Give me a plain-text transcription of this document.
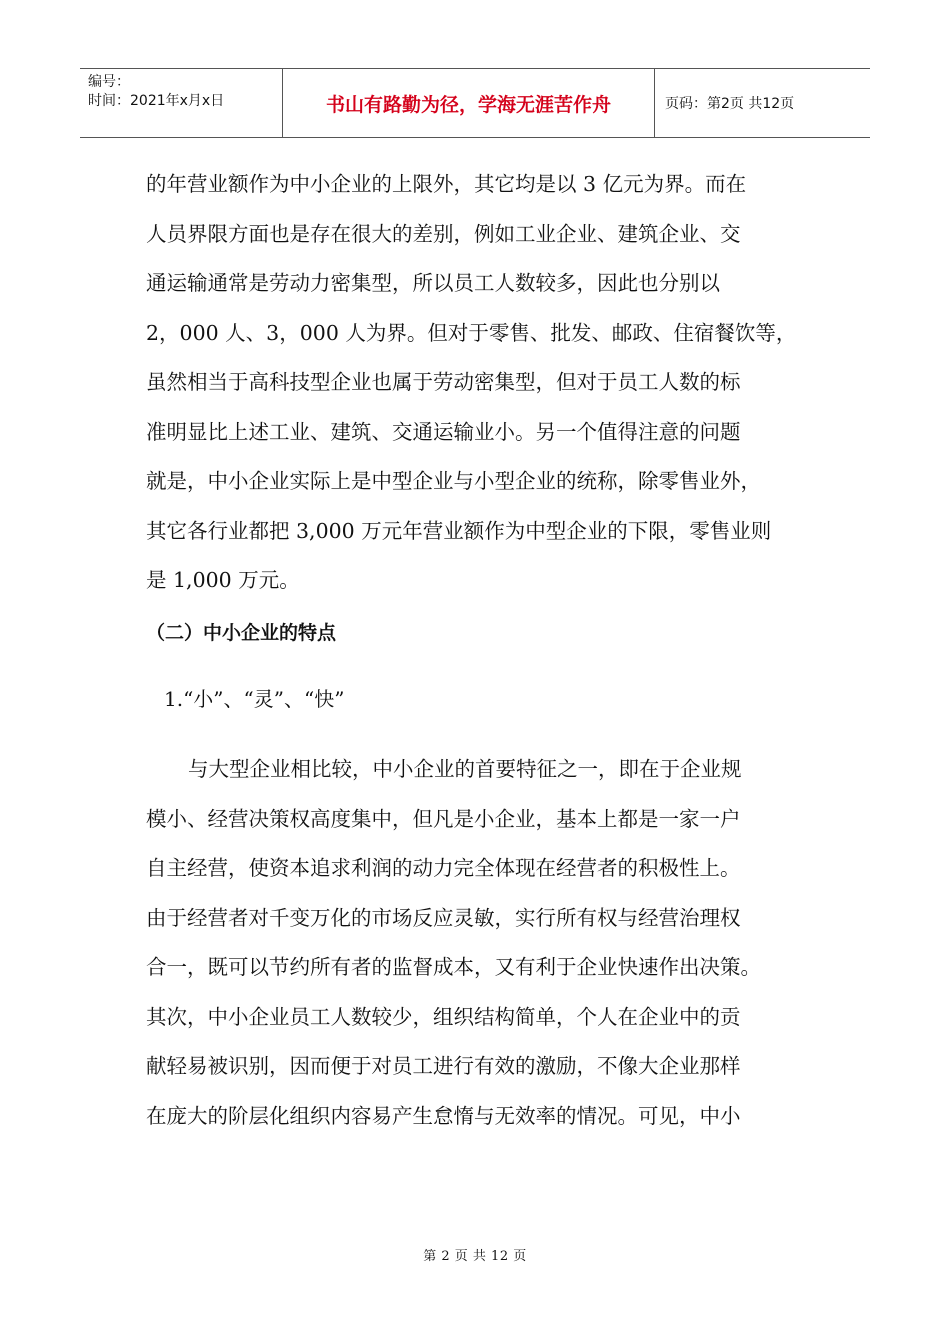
编号：
时间：2021年x月x日	书山有路勤为径，学海无涯苦作舟	页码：第2页 共12页
的年营业额作为中小企业的上限外，其它均是以 3 亿元为界。而在
人员界限方面也是存在很大的差别，例如工业企业、建筑企业、交
通运输通常是劳动力密集型，所以员工人数较多，因此也分别以
2，000 人、3，000 人为界。但对于零售、批发、邮政、住宿餐饮等，
虽然相当于高科技型企业也属于劳动密集型，但对于员工人数的标
准明显比上述工业、建筑、交通运输业小。另一个值得注意的问题
就是，中小企业实际上是中型企业与小型企业的统称，除零售业外，
其它各行业都把 3,000 万元年营业额作为中型企业的下限，零售业则
是 1,000 万元。
（二）中小企业的特点
1.“小”、“灵”、“快”
与大型企业相比较，中小企业的首要特征之一，即在于企业规
模小、经营决策权高度集中，但凡是小企业，基本上都是一家一户
自主经营，使资本追求利润的动力完全体现在经营者的积极性上。
由于经营者对千变万化的市场反应灵敏，实行所有权与经营治理权
合一，既可以节约所有者的监督成本，又有利于企业快速作出决策。
其次，中小企业员工人数较少，组织结构简单，个人在企业中的贡
献轻易被识别，因而便于对员工进行有效的激励，不像大企业那样
在庞大的阶层化组织内容易产生怠惰与无效率的情况。可见，中小
第 2 页 共 12 页
